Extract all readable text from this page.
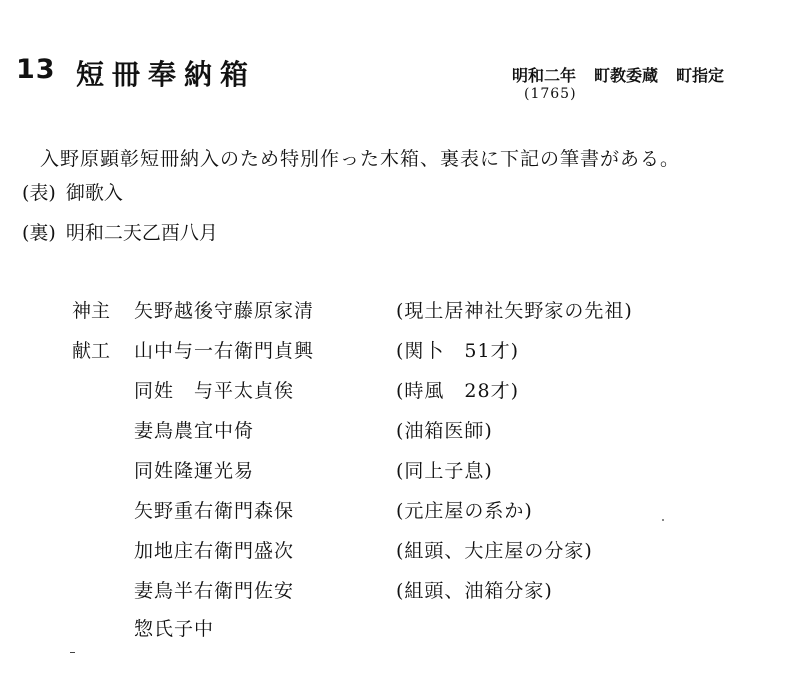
13 短冊奉納箱	明和二年 町教委蔵 町指定
(1765)
入野原顕彰短冊納入のため特別作った木箱、裏表に下記の筆書がある。
(表) 御歌入
(裏) 明和二天乙酉八月
神主	矢野越後守藤原家清	(現土居神社矢野家の先祖)
献工	山中与一右衛門貞興	(関卜　51才)
同姓　与平太貞俟	(時風　28才)
妻鳥農宜中倚	(油箱医師)
同姓隆運光易	(同上子息)
矢野重右衛門森保	(元庄屋の系か)
加地庄右衛門盛次	(組頭、大庄屋の分家)
妻鳥半右衛門佐安	(組頭、油箱分家)
惣氏子中
